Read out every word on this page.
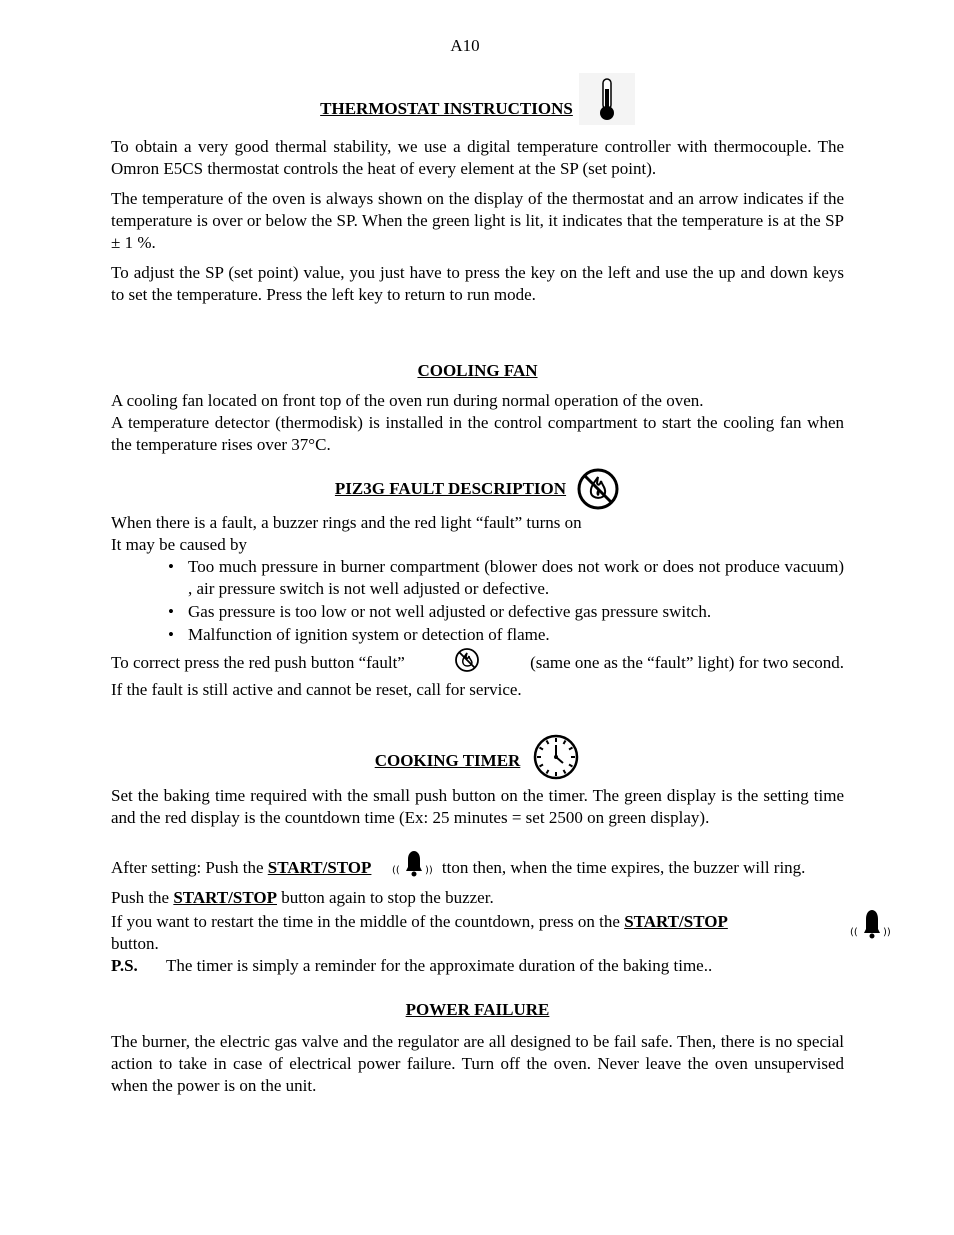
A10
THERMOSTAT INSTRUCTIONS

To obtain a very good thermal stability, we use a digital temperature controller with thermocouple. The Omron E5CS thermostat controls the heat of every element at the SP (set point).

The temperature of the oven is always shown on the display of the thermostat and an arrow indicates if the temperature is over or below the SP. When the green light is lit, it indicates that the temperature is at the SP ± 1 %.

To adjust the SP (set point) value, you just have to press the key on the left and use the up and down keys to set the temperature. Press the left key to return to run mode.

COOLING FAN

A cooling fan located on front top of the oven run during normal operation of the oven.

A temperature detector (thermodisk) is installed in the control compartment to start the cooling fan when the temperature rises over 37°C.

PIZ3G FAULT DESCRIPTION

When there is a fault, a buzzer rings and the red light “fault” turns on

It may be caused by

• Too much pressure in burner compartment (blower does not work or does not produce vacuum) , air pressure switch is not well adjusted or defective.
• Gas pressure is too low or not well adjusted or defective gas pressure switch.
• Malfunction of ignition system or detection of flame.

To correct press the red push button “fault”	(same one as the “fault” light) for two second.

If the fault is still active and cannot be reset, call for service.

COOKING TIMER

Set the baking time required with the small push button on the timer. The green display is the setting time and the red display is the countdown time (Ex: 25 minutes = set 2500 on green display).

After setting: Push the START/STOP ((	)) tton then, when the time expires, the buzzer will ring.

Push the START/STOP button again to stop the buzzer.

If you want to restart the time in the middle of the countdown, press on the START/STOP
((	))

button.

P.S.	The timer is simply a reminder for the approximate duration of the baking time..
POWER FAILURE

The burner, the electric gas valve and the regulator are all designed to be fail safe. Then, there is no special action to take in case of electrical power failure. Turn off the oven. Never leave the oven unsupervised when the power is on the unit.
